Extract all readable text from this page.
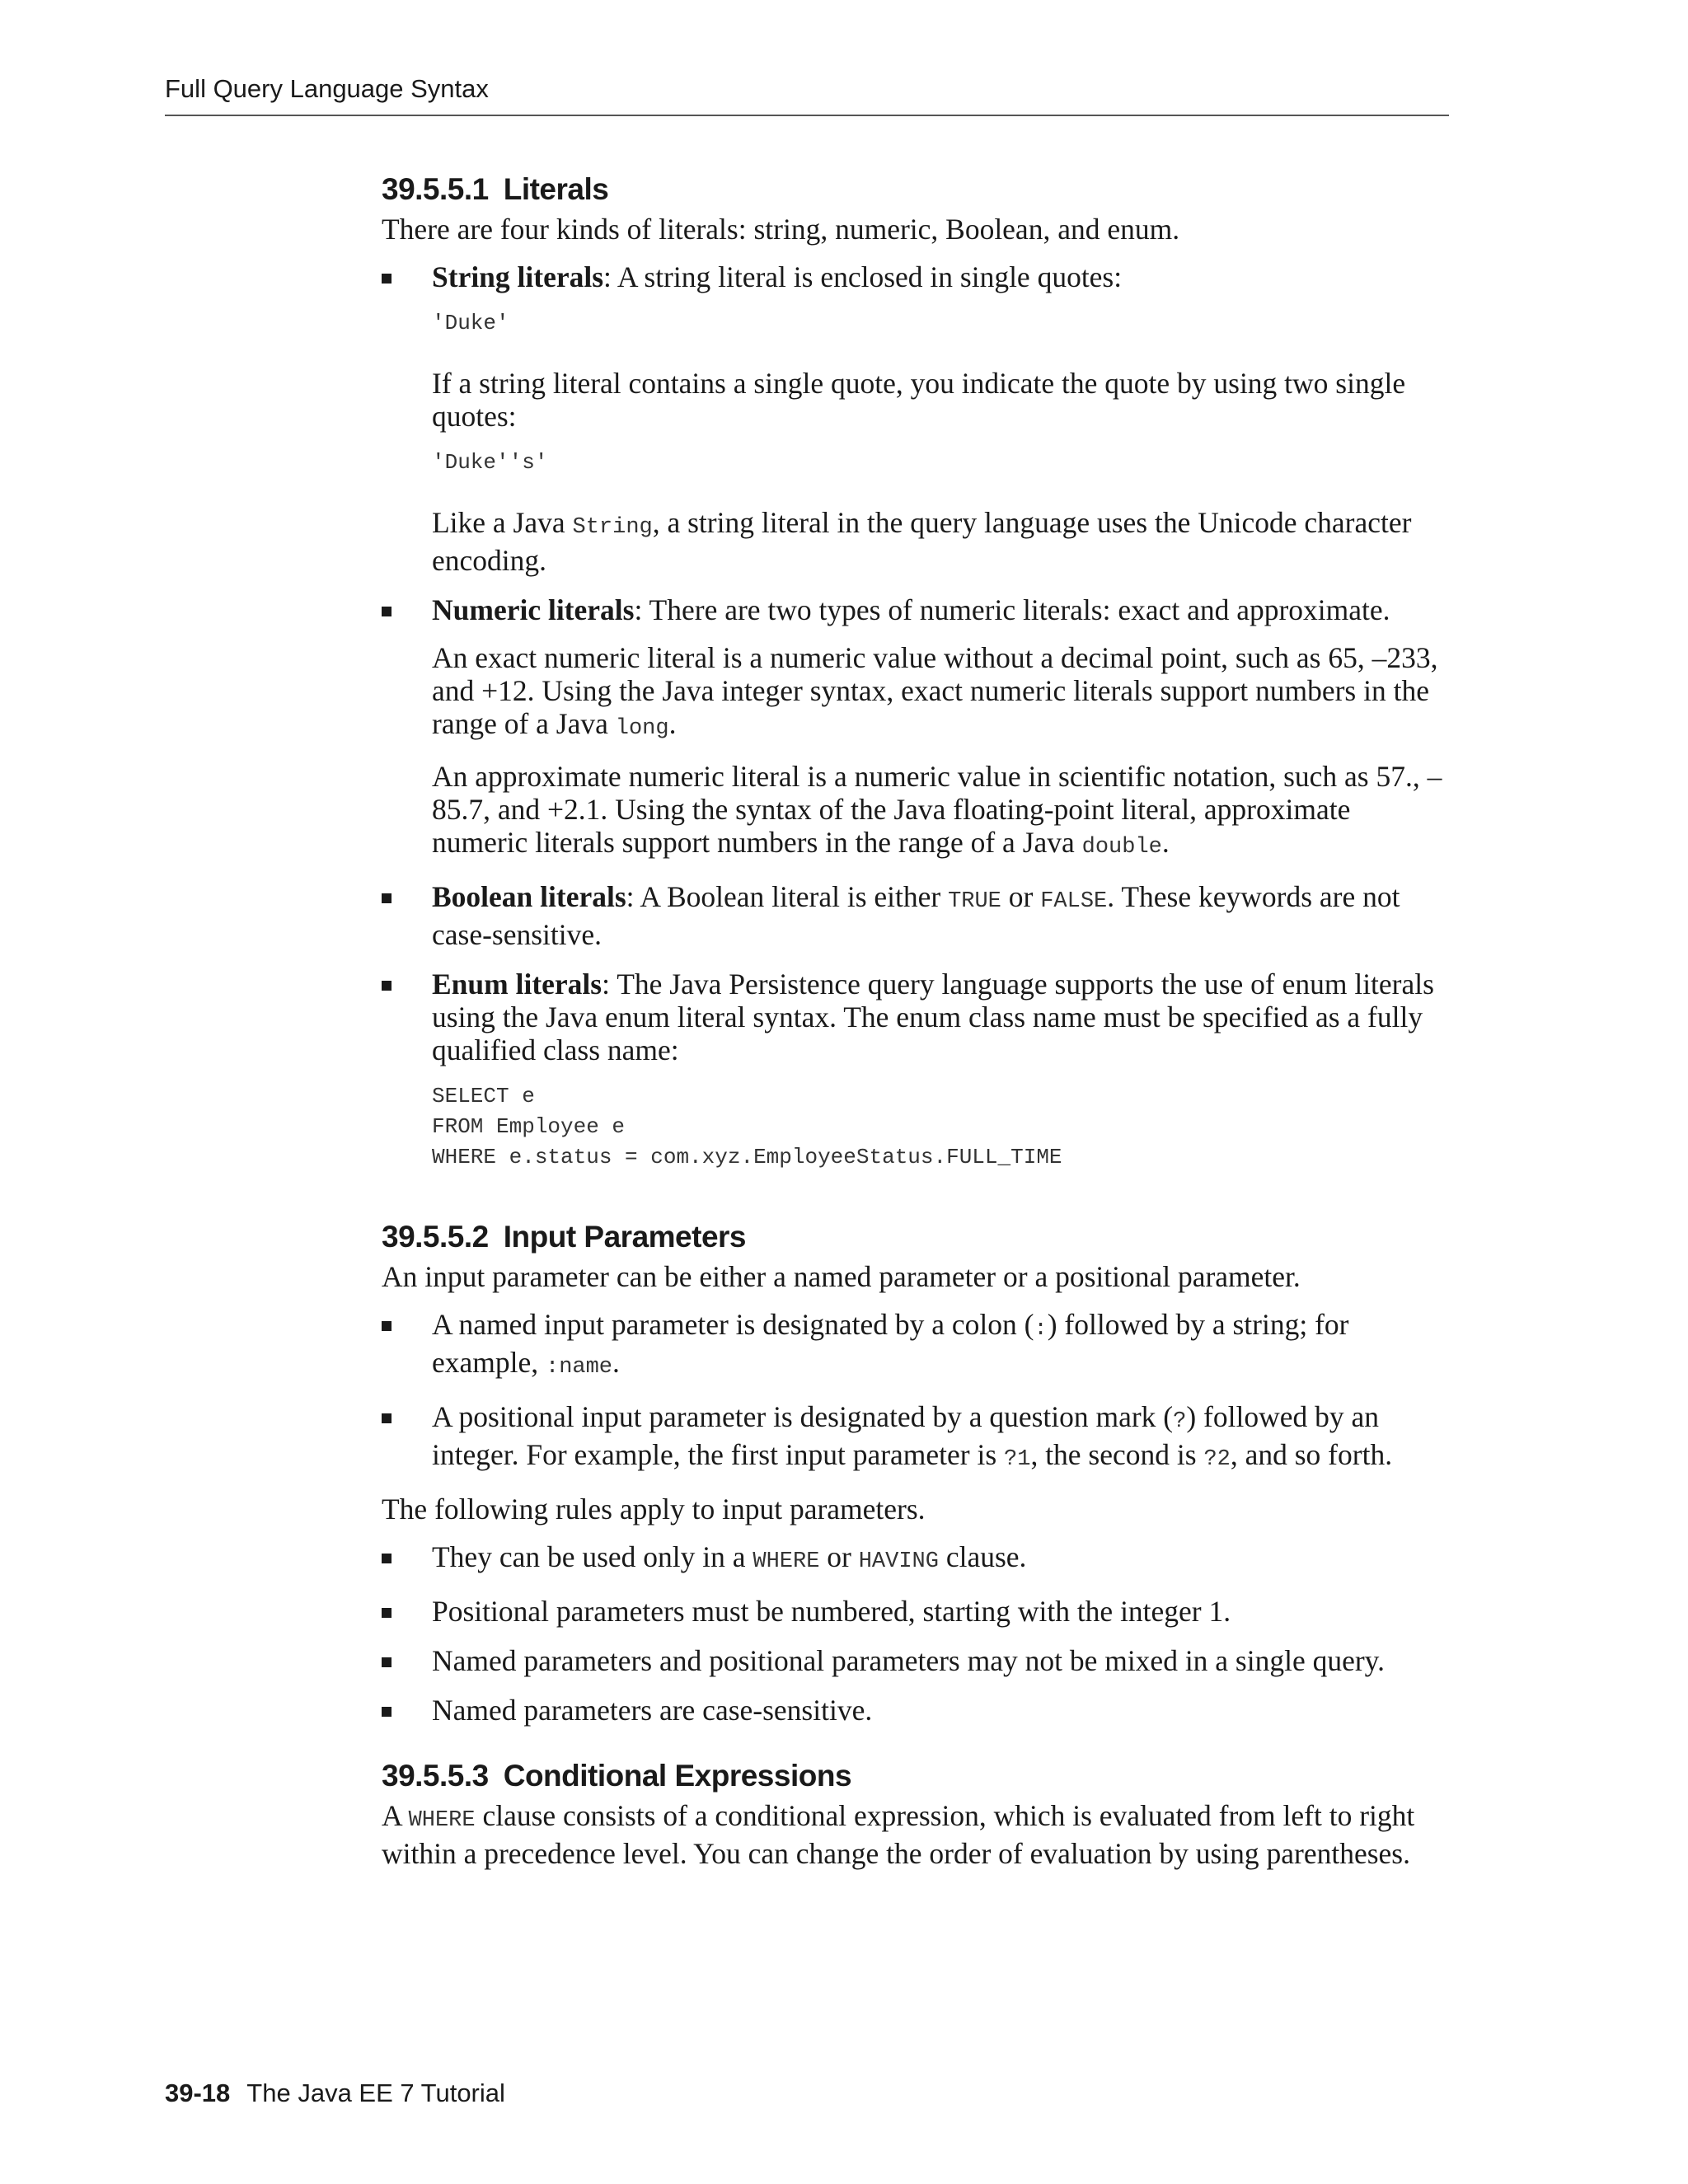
Full Query Language Syntax
39.5.5.1 Literals

There are four kinds of literals: string, numeric, Boolean, and enum.

String literals: A string literal is enclosed in single quotes:

'Duke'

If a string literal contains a single quote, you indicate the quote by using two single quotes:

'Duke''s'

Like a Java String, a string literal in the query language uses the Unicode character encoding.

Numeric literals: There are two types of numeric literals: exact and approximate.

An exact numeric literal is a numeric value without a decimal point, such as 65, –233, and +12. Using the Java integer syntax, exact numeric literals support numbers in the range of a Java long.

An approximate numeric literal is a numeric value in scientific notation, such as 57., –85.7, and +2.1. Using the syntax of the Java floating-point literal, approximate numeric literals support numbers in the range of a Java double.

Boolean literals: A Boolean literal is either TRUE or FALSE. These keywords are not case-sensitive.

Enum literals: The Java Persistence query language supports the use of enum literals using the Java enum literal syntax. The enum class name must be specified as a fully qualified class name:

SELECT e
FROM Employee e
WHERE e.status = com.xyz.EmployeeStatus.FULL_TIME
39.5.5.2 Input Parameters

An input parameter can be either a named parameter or a positional parameter.

A named input parameter is designated by a colon (:) followed by a string; for example, :name.

A positional input parameter is designated by a question mark (?) followed by an integer. For example, the first input parameter is ?1, the second is ?2, and so forth.

The following rules apply to input parameters.

They can be used only in a WHERE or HAVING clause.

Positional parameters must be numbered, starting with the integer 1.

Named parameters and positional parameters may not be mixed in a single query.

Named parameters are case-sensitive.

39.5.5.3 Conditional Expressions

A WHERE clause consists of a conditional expression, which is evaluated from left to right within a precedence level. You can change the order of evaluation by using parentheses.

39-18 The Java EE 7 Tutorial
